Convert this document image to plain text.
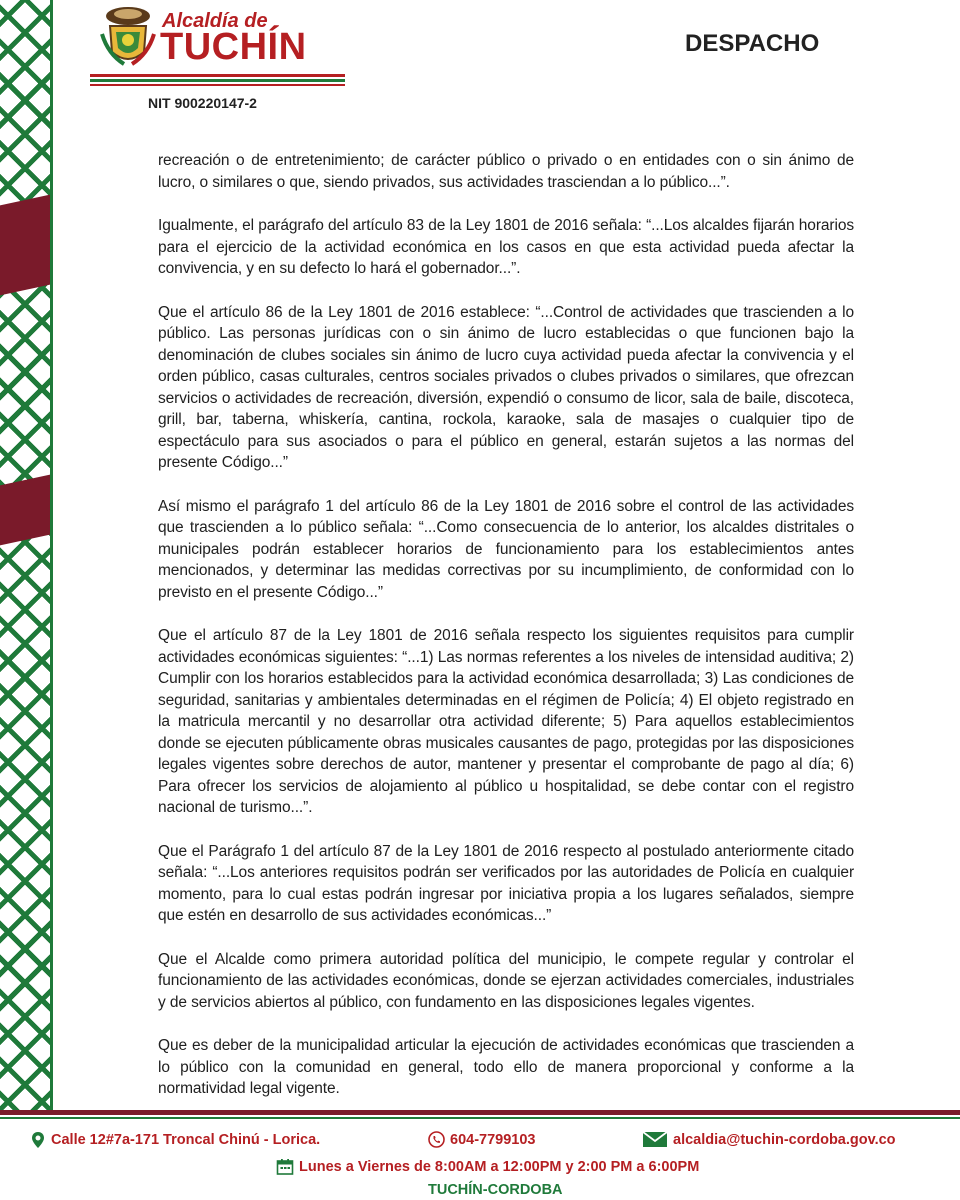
Alcaldía de
TUCHÍN
NIT 900220147-2
DESPACHO

recreación o de entretenimiento; de carácter público o privado o en entidades con o sin ánimo de lucro, o similares o que, siendo privados, sus actividades trasciendan a lo público...”.

Igualmente, el parágrafo del artículo 83 de la Ley 1801 de 2016 señala: “...Los alcaldes fijarán horarios para el ejercicio de la actividad económica en los casos en que esta actividad pueda afectar la convivencia, y en su defecto lo hará el gobernador...”.

Que el artículo 86 de la Ley 1801 de 2016 establece: “...Control de actividades que trascienden a lo público. Las personas jurídicas con o sin ánimo de lucro establecidas o que funcionen bajo la denominación de clubes sociales sin ánimo de lucro cuya actividad pueda afectar la convivencia y el orden público, casas culturales, centros sociales privados o clubes privados o similares, que ofrezcan servicios o actividades de recreación, diversión, expendió o consumo de licor, sala de baile, discoteca, grill, bar, taberna, whiskería, cantina, rockola, karaoke, sala de masajes o cualquier tipo de espectáculo para sus asociados o para el público en general, estarán sujetos a las normas del presente Código...”

Así mismo el parágrafo 1 del artículo 86 de la Ley 1801 de 2016 sobre el control de las actividades que trascienden a lo público señala: “...Como consecuencia de lo anterior, los alcaldes distritales o municipales podrán establecer horarios de funcionamiento para los establecimientos antes mencionados, y determinar las medidas correctivas por su incumplimiento, de conformidad con lo previsto en el presente Código...”

Que el artículo 87 de la Ley 1801 de 2016 señala respecto los siguientes requisitos para cumplir actividades económicas siguientes: “...1) Las normas referentes a los niveles de intensidad auditiva; 2) Cumplir con los horarios establecidos para la actividad económica desarrollada; 3) Las condiciones de seguridad, sanitarias y ambientales determinadas en el régimen de Policía; 4) El objeto registrado en la matricula mercantil y no desarrollar otra actividad diferente; 5) Para aquellos establecimientos donde se ejecuten públicamente obras musicales causantes de pago, protegidas por las disposiciones legales vigentes sobre derechos de autor, mantener y presentar el comprobante de pago al día; 6) Para ofrecer los servicios de alojamiento al público u hospitalidad, se debe contar con el registro nacional de turismo...”.

Que el Parágrafo 1 del artículo 87 de la Ley 1801 de 2016 respecto al postulado anteriormente citado señala: “...Los anteriores requisitos podrán ser verificados por las autoridades de Policía en cualquier momento, para lo cual estas podrán ingresar por iniciativa propia a los lugares señalados, siempre que estén en desarrollo de sus actividades económicas...”

Que el Alcalde como primera autoridad política del municipio, le compete regular y controlar el funcionamiento de las actividades económicas, donde se ejerzan actividades comerciales, industriales y de servicios abiertos al público, con fundamento en las disposiciones legales vigentes.

Que es deber de la municipalidad articular la ejecución de actividades económicas que trascienden a lo público con la comunidad en general, todo ello de manera proporcional y conforme a la normatividad legal vigente.

Calle 12#7a-171 Troncal Chinú - Lorica.	604-7799103	alcaldia@tuchin-cordoba.gov.co
Lunes a Viernes de 8:00AM a 12:00PM y 2:00 PM a 6:00PM
TUCHÍN-CORDOBA
